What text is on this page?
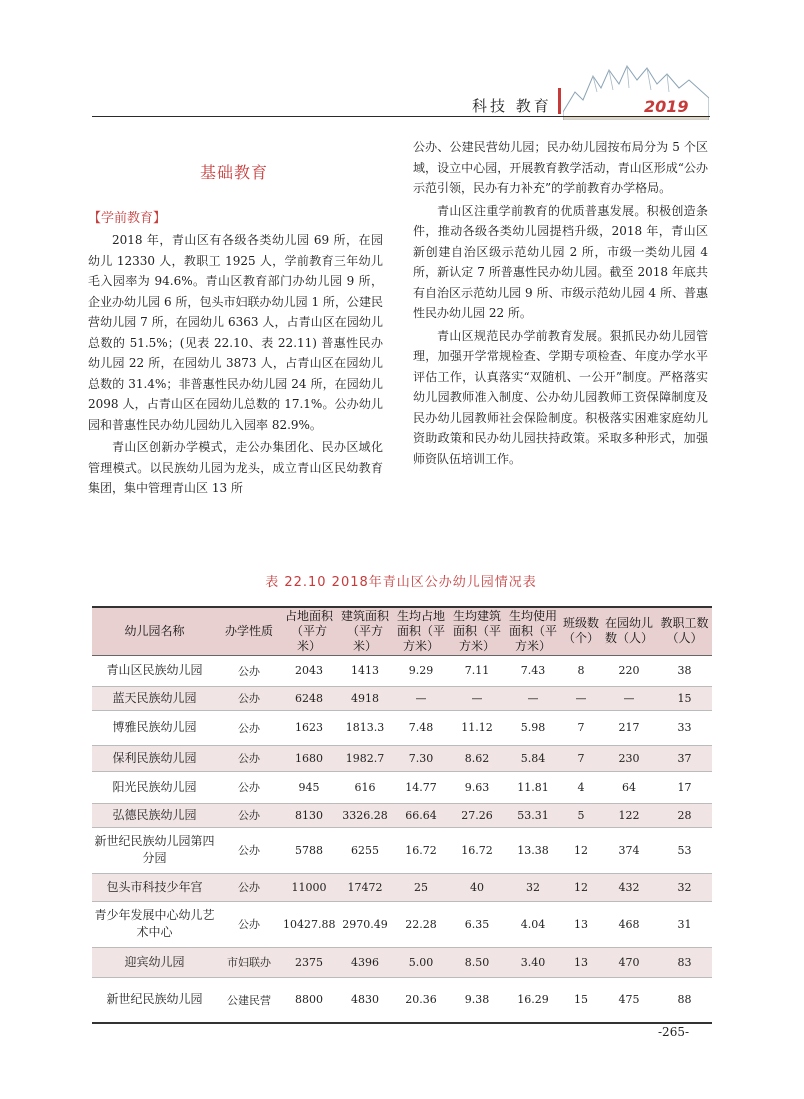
科技 教育	2019
基础教育
【学前教育】

2018 年，青山区有各级各类幼儿园 69 所，在园幼儿 12330 人，教职工 1925 人，学前教育三年幼儿毛入园率为 94.6%。青山区教育部门办幼儿园 9 所，企业办幼儿园 6 所，包头市妇联办幼儿园 1 所，公建民营幼儿园 7 所，在园幼儿 6363 人，占青山区在园幼儿总数的 51.5%；(见表 22.10、表 22.11) 普惠性民办幼儿园 22 所，在园幼儿 3873 人，占青山区在园幼儿总数的 31.4%；非普惠性民办幼儿园 24 所，在园幼儿 2098 人，占青山区在园幼儿总数的 17.1%。公办幼儿园和普惠性民办幼儿园幼儿入园率 82.9%。

青山区创新办学模式，走公办集团化、民办区域化管理模式。以民族幼儿园为龙头，成立青山区民幼教育集团，集中管理青山区 13 所

公办、公建民营幼儿园；民办幼儿园按布局分为 5 个区域，设立中心园，开展教育教学活动，青山区形成“公办示范引领，民办有力补充”的学前教育办学格局。

青山区注重学前教育的优质普惠发展。积极创造条件，推动各级各类幼儿园提档升级，2018 年，青山区新创建自治区级示范幼儿园 2 所，市级一类幼儿园 4 所，新认定 7 所普惠性民办幼儿园。截至 2018 年底共有自治区示范幼儿园 9 所、市级示范幼儿园 4 所、普惠性民办幼儿园 22 所。

青山区规范民办学前教育发展。狠抓民办幼儿园管理，加强开学常规检查、学期专项检查、年度办学水平评估工作，认真落实“双随机、一公开”制度。严格落实幼儿园教师准入制度、公办幼儿园教师工资保障制度及民办幼儿园教师社会保险制度。积极落实困难家庭幼儿资助政策和民办幼儿园扶持政策。采取多种形式，加强师资队伍培训工作。

表 22.10 2018年青山区公办幼儿园情况表
幼儿园名称	办学性质	占地面积（平方米）	建筑面积（平方米）	生均占地面积（平方米）	生均建筑面积（平方米）	生均使用面积（平方米）	班级数（个）	在园幼儿数（人）	教职工数（人）
青山区民族幼儿园	公办	2043	1413	9.29	7.11	7.43	8	220	38
蓝天民族幼儿园	公办	6248	4918	—	—	—	—	—	15
博雅民族幼儿园	公办	1623	1813.3	7.48	11.12	5.98	7	217	33
保利民族幼儿园	公办	1680	1982.7	7.30	8.62	5.84	7	230	37
阳光民族幼儿园	公办	945	616	14.77	9.63	11.81	4	64	17
弘德民族幼儿园	公办	8130	3326.28	66.64	27.26	53.31	5	122	28
新世纪民族幼儿园第四分园	公办	5788	6255	16.72	16.72	13.38	12	374	53
包头市科技少年宫	公办	11000	17472	25	40	32	12	432	32
青少年发展中心幼儿艺术中心	公办	10427.88	2970.49	22.28	6.35	4.04	13	468	31
迎宾幼儿园	市妇联办	2375	4396	5.00	8.50	3.40	13	470	83
新世纪民族幼儿园	公建民营	8800	4830	20.36	9.38	16.29	15	475	88
-265-
